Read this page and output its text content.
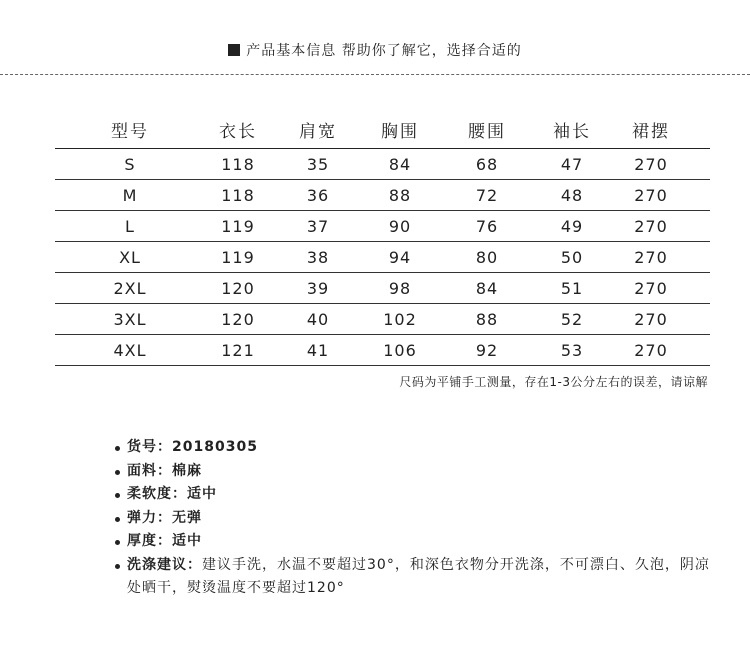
产品基本信息 帮助你了解它，选择合适的
型号	衣长	肩宽	胸围	腰围	袖长	裙摆
S	118	35	84	68	47	270
M	118	36	88	72	48	270
L	119	37	90	76	49	270
XL	119	38	94	80	50	270
2XL	120	39	98	84	51	270
3XL	120	40	102	88	52	270
4XL	121	41	106	92	53	270
尺码为平铺手工测量，存在1-3公分左右的误差，请谅解
货号：20180305
面料：棉麻
柔软度：适中
弹力：无弹
厚度：适中
洗涤建议：建议手洗，水温不要超过30°，和深色衣物分开洗涤，不可漂白、久泡，阴凉处晒干，熨烫温度不要超过120°
